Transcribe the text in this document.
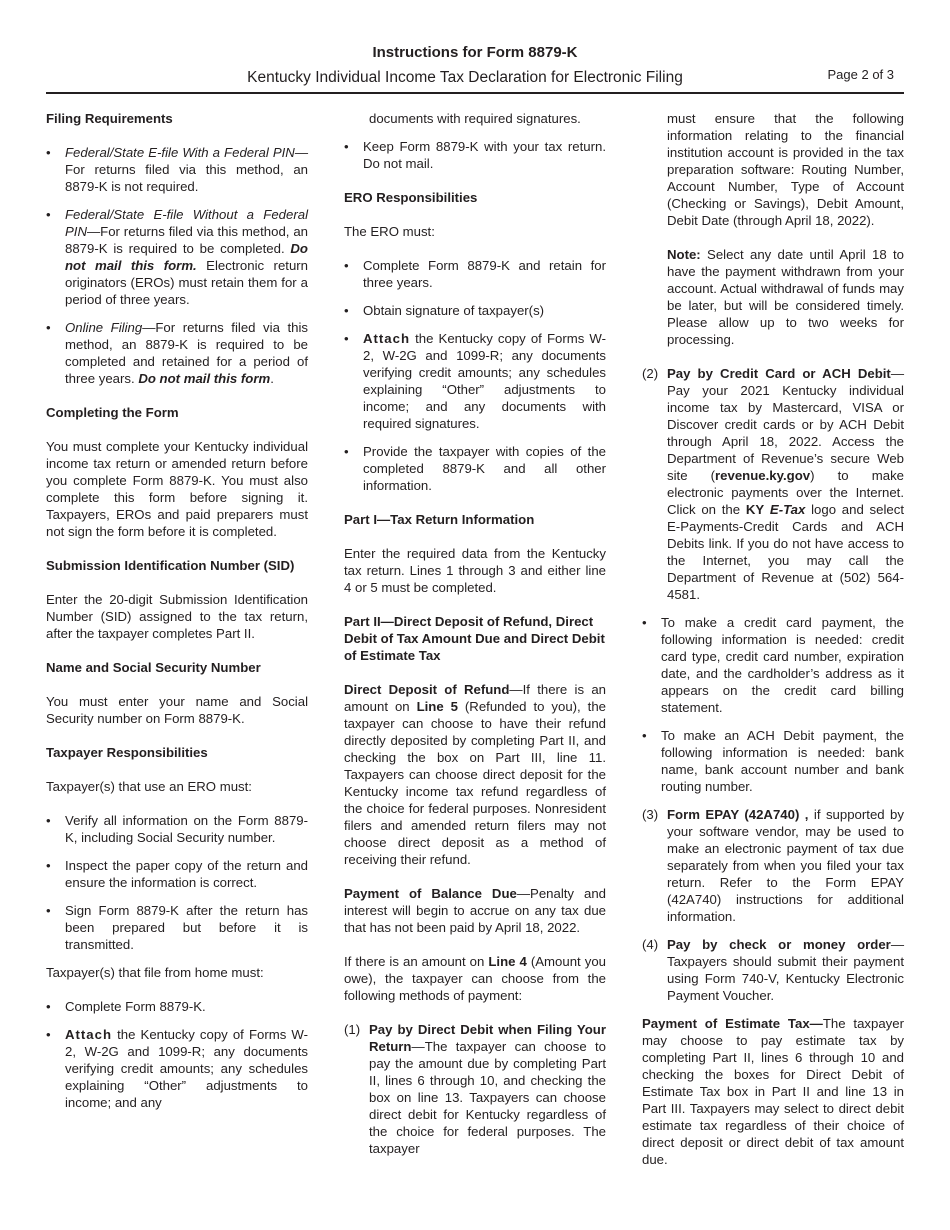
Instructions for Form 8879-K
Kentucky Individual Income Tax Declaration for Electronic Filing	Page 2 of 3
Filing Requirements
• Federal/State E-file With a Federal PIN—For returns filed via this method, an 8879-K is not required.
• Federal/State E-file Without a Federal PIN—For returns filed via this method, an 8879-K is required to be completed. Do not mail this form. Electronic return originators (EROs) must retain them for a period of three years.
• Online Filing—For returns filed via this method, an 8879-K is required to be completed and retained for a period of three years. Do not mail this form.
Completing the Form

You must complete your Kentucky individual income tax return or amended return before you complete Form 8879-K. You must also complete this form before signing it. Taxpayers, EROs and paid preparers must not sign the form before it is completed.

Submission Identification Number (SID)

Enter the 20-digit Submission Identification Number (SID) assigned to the tax return, after the taxpayer completes Part II.

Name and Social Security Number

You must enter your name and Social Security number on Form 8879-K.

Taxpayer Responsibilities

Taxpayer(s) that use an ERO must:

• Verify all information on the Form 8879-K, including Social Security number.
• Inspect the paper copy of the return and ensure the information is correct.
• Sign Form 8879-K after the return has been prepared but before it is transmitted.

Taxpayer(s) that file from home must:

• Complete Form 8879-K.
• Attach the Kentucky copy of Forms W-2, W-2G and 1099-R; any documents verifying credit amounts; any schedules explaining “Other” adjustments to income; and any
documents with required signatures.
• Keep Form 8879-K with your tax return. Do not mail.
ERO Responsibilities

The ERO must:

• Complete Form 8879-K and retain for three years.
• Obtain signature of taxpayer(s)
• Attach the Kentucky copy of Forms W-2, W-2G and 1099-R; any documents verifying credit amounts; any schedules explaining “Other” adjustments to income; and any documents with required signatures.
• Provide the taxpayer with copies of the completed 8879-K and all other information.
Part I—Tax Return Information

Enter the required data from the Kentucky tax return. Lines 1 through 3 and either line 4 or 5 must be completed.

Part II—Direct Deposit of Refund, Direct Debit of Tax Amount Due and Direct Debit of Estimate Tax

Direct Deposit of Refund—If there is an amount on Line 5 (Refunded to you), the taxpayer can choose to have their refund directly deposited by completing Part II, and checking the box on Part III, line 11. Taxpayers can choose direct deposit for the Kentucky income tax refund regardless of the choice for federal purposes. Nonresident filers and amended return filers may not choose direct deposit as a method of receiving their refund.

Payment of Balance Due—Penalty and interest will begin to accrue on any tax due that has not been paid by April 18, 2022.

If there is an amount on Line 4 (Amount you owe), the taxpayer can choose from the following methods of payment:

(1) Pay by Direct Debit when Filing Your Return—The taxpayer can choose to pay the amount due by completing Part II, lines 6 through 10, and checking the box on line 13. Taxpayers can choose direct debit for Kentucky regardless of the choice for federal purposes. The taxpayer
must ensure that the following information relating to the financial institution account is provided in the tax preparation software: Routing Number, Account Number, Type of Account (Checking or Savings), Debit Amount, Debit Date (through April 18, 2022).
Note: Select any date until April 18 to have the payment withdrawn from your account. Actual withdrawal of funds may be later, but will be considered timely. Please allow up to two weeks for processing.
(2) Pay by Credit Card or ACH Debit—Pay your 2021 Kentucky individual income tax by Mastercard, VISA or Discover credit cards or by ACH Debit through April 18, 2022. Access the Department of Revenue’s secure Web site (revenue.ky.gov) to make electronic payments over the Internet. Click on the KY E-Tax logo and select E-Payments-Credit Cards and ACH Debits link. If you do not have access to the Internet, you may call the Department of Revenue at (502) 564-4581.
• To make a credit card payment, the following information is needed: credit card type, credit card number, expiration date, and the cardholder’s address as it appears on the credit card billing statement.
• To make an ACH Debit payment, the following information is needed: bank name, bank account number and bank routing number.
(3) Form EPAY (42A740) , if supported by your software vendor, may be used to make an electronic payment of tax due separately from when you filed your tax return. Refer to the Form EPAY (42A740) instructions for additional information.
(4) Pay by check or money order—Taxpayers should submit their payment using Form 740-V, Kentucky Electronic Payment Voucher.

Payment of Estimate Tax—The taxpayer may choose to pay estimate tax by completing Part II, lines 6 through 10 and checking the boxes for Direct Debit of Estimate Tax box in Part II and line 13 in Part III. Taxpayers may select to direct debit estimate tax regardless of their choice of direct deposit or direct debit of tax amount due.
